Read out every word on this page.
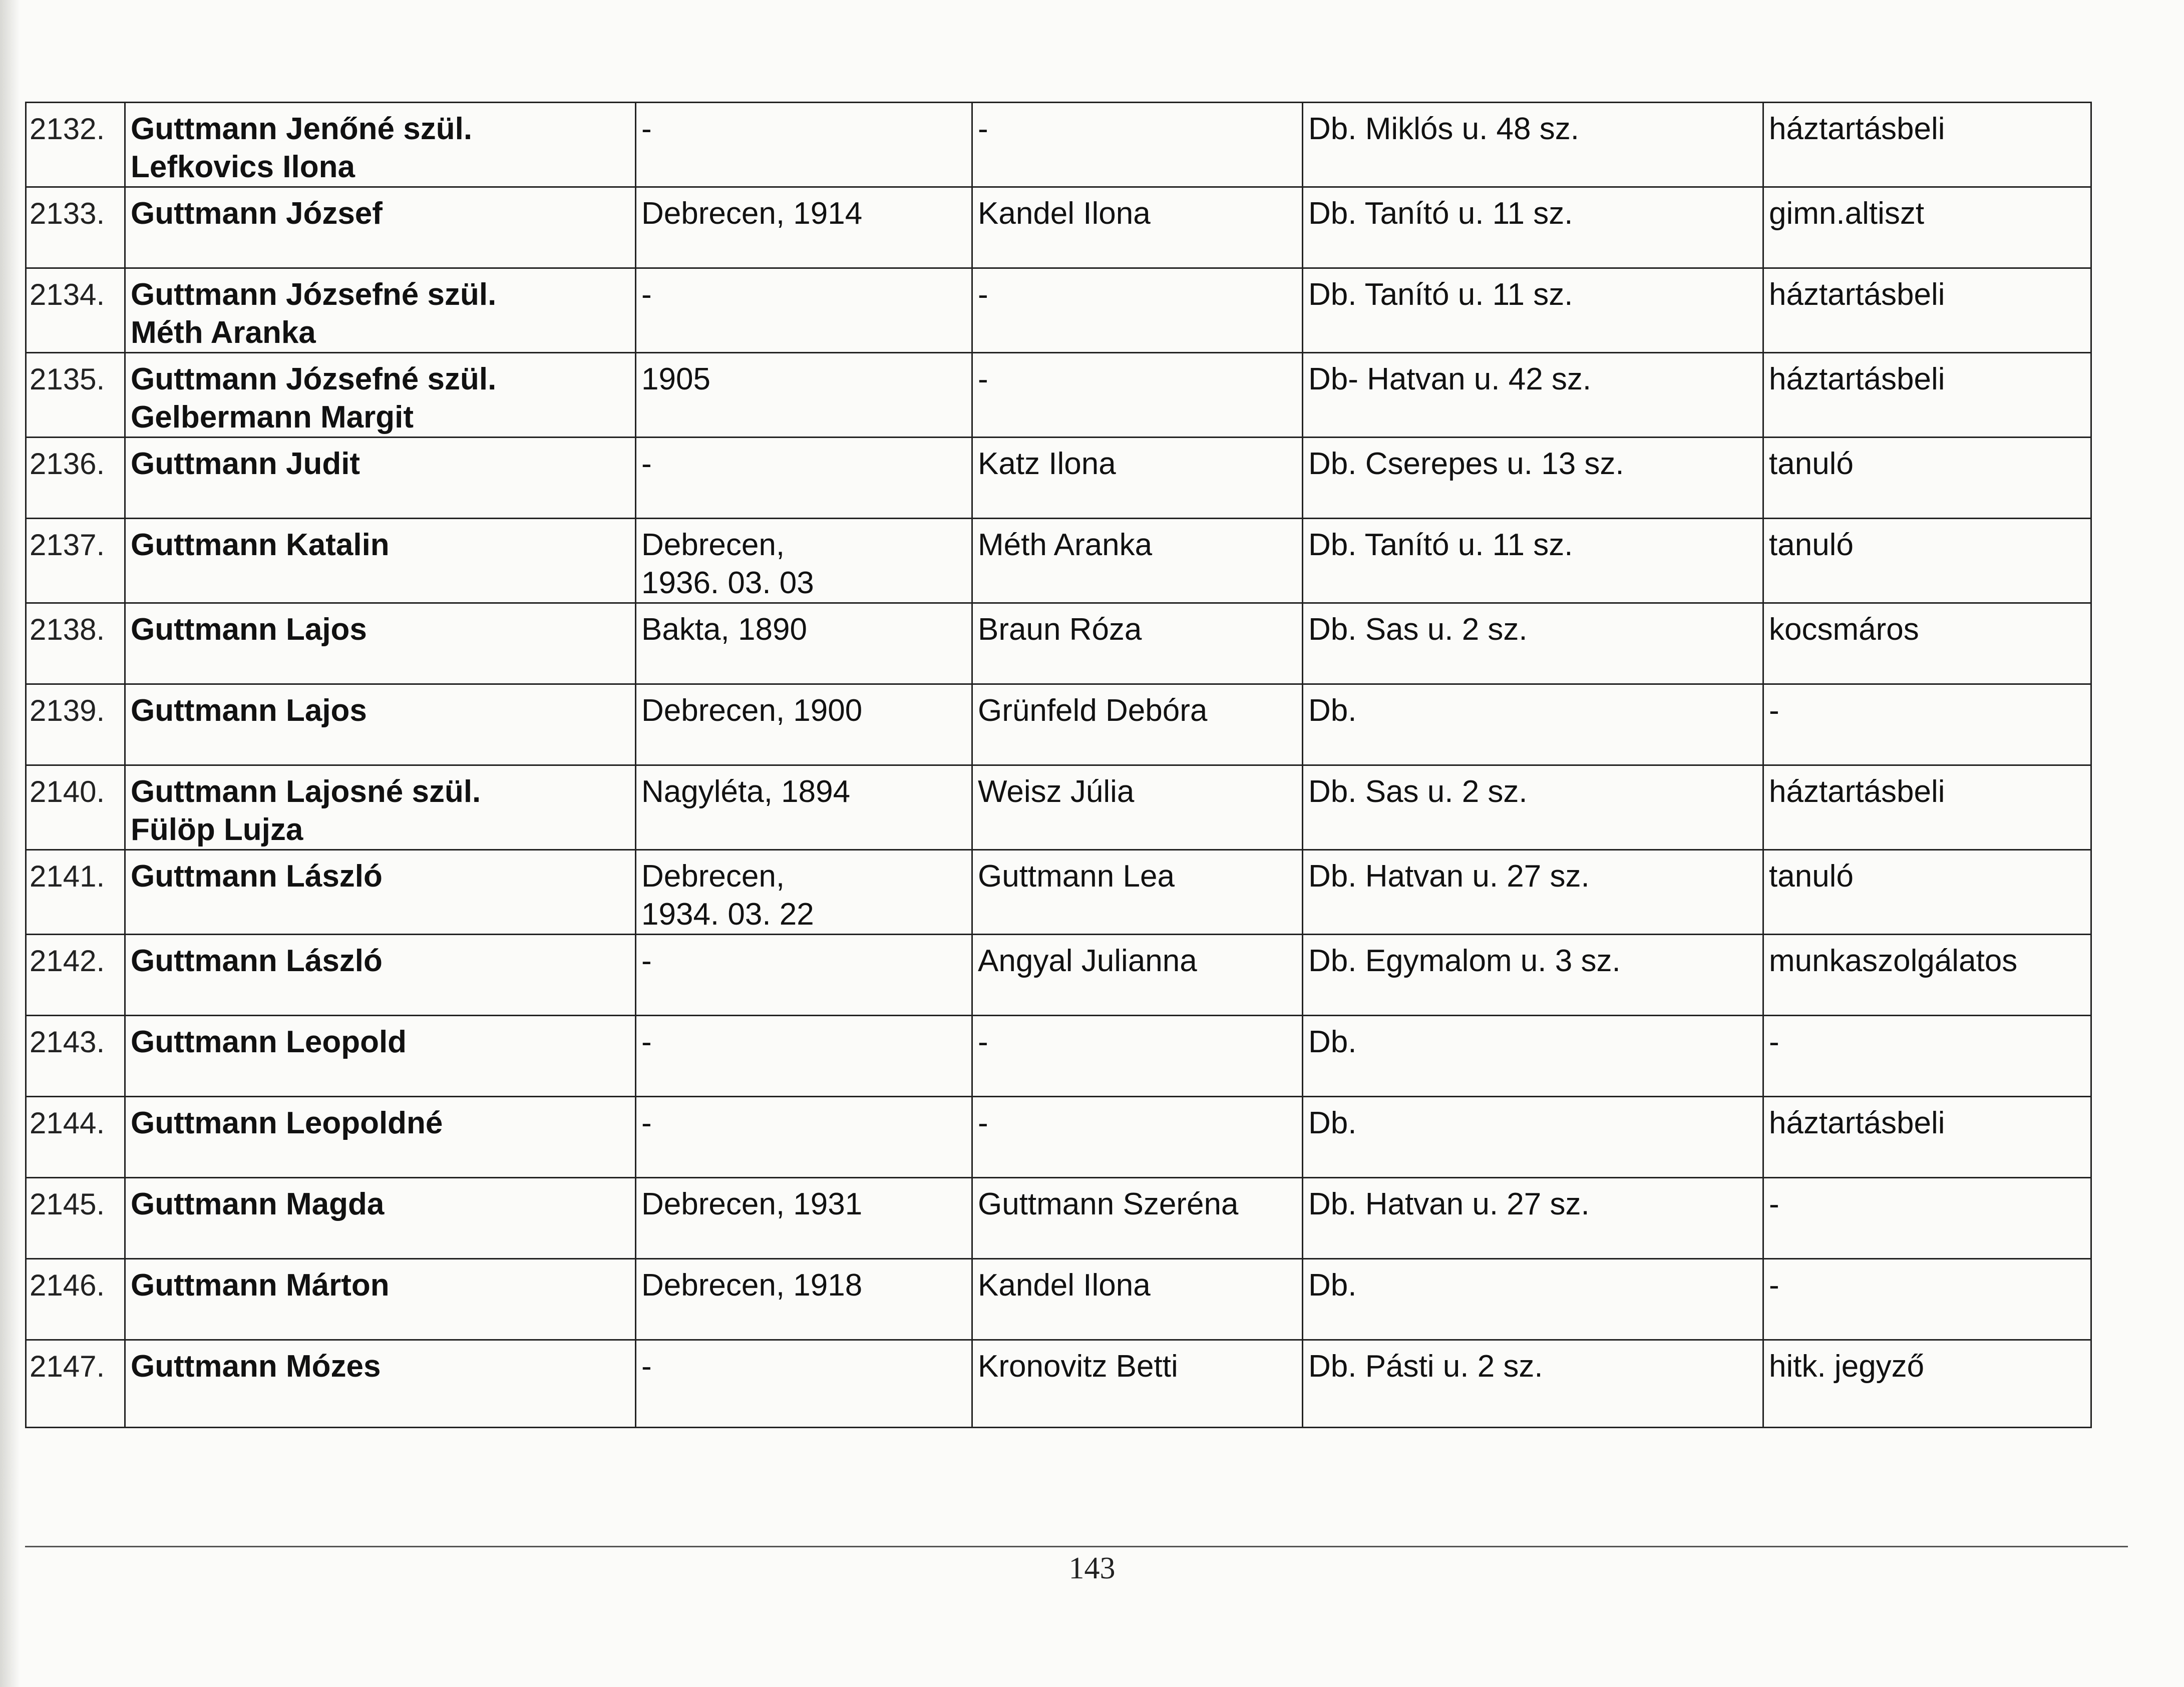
2132.	Guttmann Jenőné szül.
Lefkovics Ilona	-	-	Db. Miklós u. 48 sz.	háztartásbeli
2133.	Guttmann József	Debrecen, 1914	Kandel Ilona	Db. Tanító u. 11 sz.	gimn.altiszt
2134.	Guttmann Józsefné szül.
Méth Aranka	-	-	Db. Tanító u. 11 sz.	háztartásbeli
2135.	Guttmann Józsefné szül.
Gelbermann Margit	1905	-	Db- Hatvan u. 42 sz.	háztartásbeli
2136.	Guttmann Judit	-	Katz Ilona	Db. Cserepes u. 13 sz.	tanuló
2137.	Guttmann Katalin	Debrecen,
1936. 03. 03	Méth Aranka	Db. Tanító u. 11 sz.	tanuló
2138.	Guttmann Lajos	Bakta, 1890	Braun Róza	Db. Sas u. 2 sz.	kocsmáros
2139.	Guttmann Lajos	Debrecen, 1900	Grünfeld Debóra	Db.	-
2140.	Guttmann Lajosné szül.
Fülöp Lujza	Nagyléta, 1894	Weisz Júlia	Db. Sas u. 2 sz.	háztartásbeli
2141.	Guttmann László	Debrecen,
1934. 03. 22	Guttmann Lea	Db. Hatvan u. 27 sz.	tanuló
2142.	Guttmann László	-	Angyal Julianna	Db. Egymalom u. 3 sz.	munkaszolgálatos
2143.	Guttmann Leopold	-	-	Db.	-
2144.	Guttmann Leopoldné	-	-	Db.	háztartásbeli
2145.	Guttmann Magda	Debrecen, 1931	Guttmann Szeréna	Db. Hatvan u. 27 sz.	-
2146.	Guttmann Márton	Debrecen, 1918	Kandel Ilona	Db.	-
2147.	Guttmann Mózes	-	Kronovitz Betti	Db. Pásti u. 2 sz.	hitk. jegyző
143
